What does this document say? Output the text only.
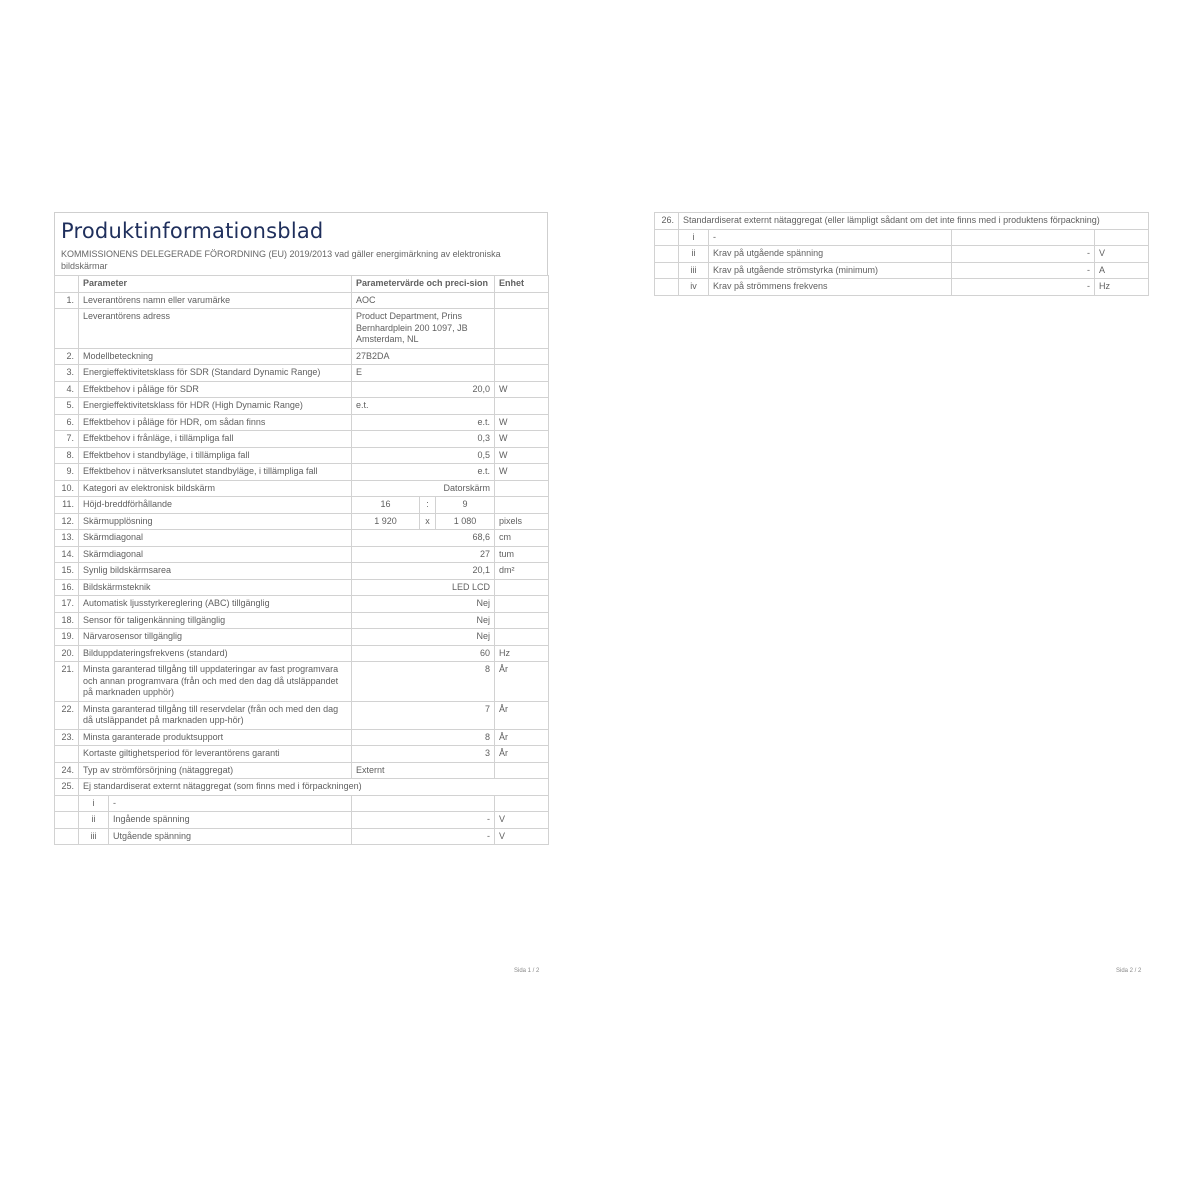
Produktinformationsblad
KOMMISSIONENS DELEGERADE FÖRORDNING (EU) 2019/2013 vad gäller energimärkning av elektroniska bildskärmar
	Parameter		Parametervärde och preci-sion			Enhet
1.	Leverantörens namn eller varumärke		AOC			
	Leverantörens adress		Product Department, Prins Bernhardplein 200 1097, JB Amsterdam, NL			
2.	Modellbeteckning		27B2DA			
3.	Energieffektivitetsklass för SDR (Standard Dynamic Range)		E			
4.	Effektbehov i påläge för SDR		20,0			W
5.	Energieffektivitetsklass för HDR (High Dynamic Range)		e.t.			
6.	Effektbehov i påläge för HDR, om sådan finns		e.t.			W
7.	Effektbehov i frånläge, i tillämpliga fall		0,3			W
8.	Effektbehov i standbyläge, i tillämpliga fall		0,5			W
9.	Effektbehov i nätverksanslutet standbyläge, i tillämpliga fall		e.t.			W
10.	Kategori av elektronisk bildskärm		Datorskärm			
11.	Höjd-breddförhållande		16	:	9	
12.	Skärmupplösning		1 920	x	1 080	pixels
13.	Skärmdiagonal		68,6			cm
14.	Skärmdiagonal		27			tum
15.	Synlig bildskärmsarea		20,1			dm²
16.	Bildskärmsteknik		LED LCD			
17.	Automatisk ljusstyrkereglering (ABC) tillgänglig		Nej			
18.	Sensor för taligenkänning tillgänglig		Nej			
19.	Närvarosensor tillgänglig		Nej			
20.	Bilduppdateringsfrekvens (standard)		60			Hz
21.	Minsta garanterad tillgång till uppdateringar av fast programvara och annan programvara (från och med den dag då utsläppandet på marknaden upphör)		8			År
22.	Minsta garanterad tillgång till reservdelar (från och med den dag då utsläppandet på marknaden upp-hör)		7			År
23.	Minsta garanterade produktsupport		8			År
	Kortaste giltighetsperiod för leverantörens garanti		3			År
24.	Typ av strömförsörjning (nätaggregat)		Externt			
25.	Ej standardiserat externt nätaggregat (som finns med i förpackningen)					
	i	-				
	ii	Ingående spänning	-			V
	iii	Utgående spänning	-			V
Sida 1 / 2
26.	Standardiserat externt nätaggregat (eller lämpligt sådant om det inte finns med i produktens förpackning)			
	i	-		
	ii	Krav på utgående spänning	-	V
	iii	Krav på utgående strömstyrka (minimum)	-	A
	iv	Krav på strömmens frekvens	-	Hz
Sida 2 / 2
